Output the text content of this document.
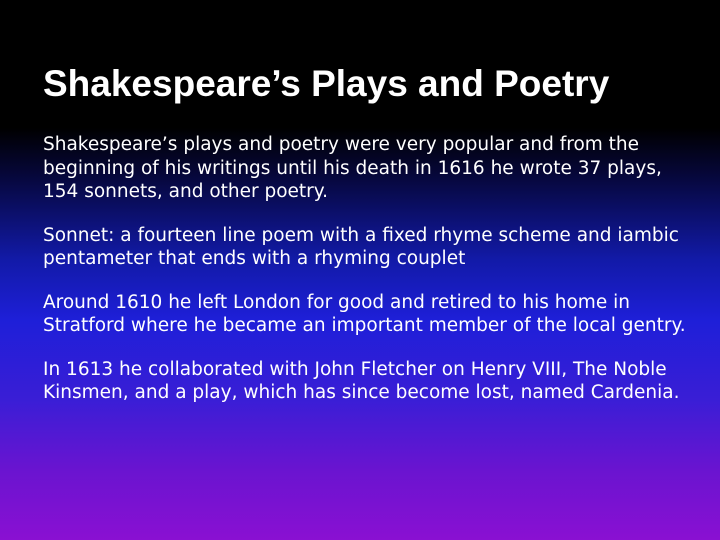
Shakespeare’s Plays and Poetry

Shakespeare’s plays and poetry were very popular and from the beginning of his writings until his death in 1616 he wrote 37 plays, 154 sonnets, and other poetry.

Sonnet: a fourteen line poem with a fixed rhyme scheme and iambic pentameter that ends with a rhyming couplet

Around 1610 he left London for good and retired to his home in Stratford where he became an important member of the local gentry.

In 1613 he collaborated with John Fletcher on Henry VIII, The Noble Kinsmen, and a play, which has since become lost, named Cardenia.
